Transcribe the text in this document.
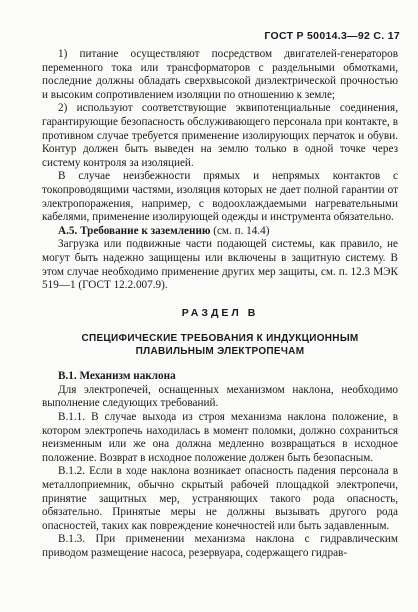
ГОСТ Р 50014.3—92 С. 17

1) питание осуществляют посредством двигателей-генераторов переменного тока или трансформаторов с раздельными обмотками, последние должны обладать сверхвысокой диэлектрической прочностью и высоким сопротивлением изоляции по отношению к земле;

2) используют соответствующие эквипотенциальные соединения, гарантирующие безопасность обслуживающего персонала при контакте, в противном случае требуется применение изолирующих перчаток и обуви. Контур должен быть выведен на землю только в одной точке через систему контроля за изоляцией.

В случае неизбежности прямых и непрямых контактов с токопроводящими частями, изоляция которых не дает полной гарантии от электропоражения, например, с водоохлаждаемыми нагревательными кабелями, применение изолирующей одежды и инструмента обязательно.

А.5. Требование к заземлению (см. п. 14.4)

Загрузка или подвижные части подающей системы, как правило, не могут быть надежно защищены или включены в защитную систему. В этом случае необходимо применение других мер защиты, см. п. 12.3 МЭК 519—1 (ГОСТ 12.2.007.9).

РАЗДЕЛ В
СПЕЦИФИЧЕСКИЕ ТРЕБОВАНИЯ К ИНДУКЦИОННЫМ ПЛАВИЛЬНЫМ ЭЛЕКТРОПЕЧАМ

В.1. Механизм наклона

Для электропечей, оснащенных механизмом наклона, необходимо выполнение следующих требований.

В.1.1. В случае выхода из строя механизма наклона положение, в котором электропечь находилась в момент поломки, должно сохраниться неизменным или же она должна медленно возвращаться в исходное положение. Возврат в исходное положение должен быть безопасным.

В.1.2. Если в ходе наклона возникает опасность падения персонала в металлоприемник, обычно скрытый рабочей площадкой электропечи, принятие защитных мер, устраняющих такого рода опасность, обязательно. Принятые меры не должны вызывать другого рода опасностей, таких как повреждение конечностей или быть задавленным.

В.1.3. При применении механизма наклона с гидравлическим приводом размещение насоса, резервуара, содержащего гидрав-
